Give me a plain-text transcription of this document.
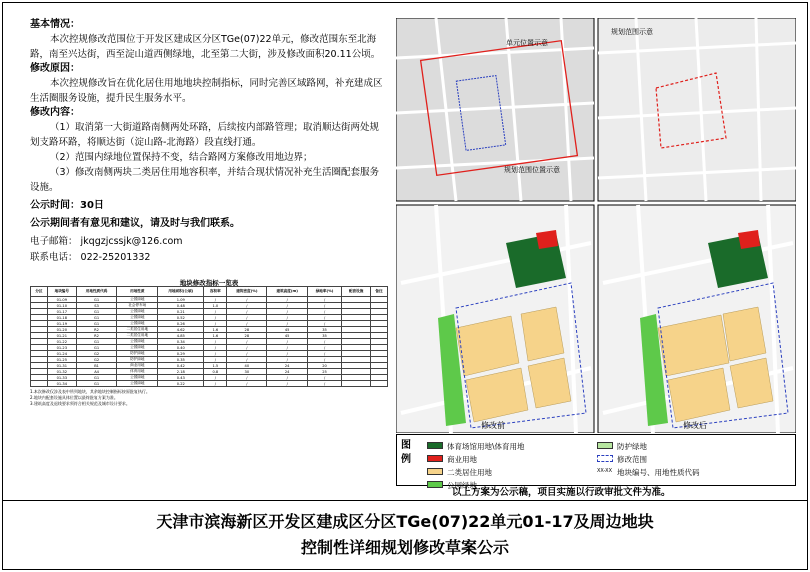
基本情况：
本次控规修改范围位于开发区建成区分区TGe(07)22单元，修改范围东至北海路，南至兴达街，西至淀山道西侧绿地，北至第二大街，涉及修改面积20.11公顷。
修改原因：
本次控规修改旨在优化居住用地地块控制指标，同时完善区域路网，补充建成区生活圈服务设施，提升民生服务水平。
修改内容：
（1）取消第一大街道路南侧两处环路，后续按内部路管理；取消顺达街两处规划支路环路，将顺达街（淀山路-北海路）段直线打通。
（2）范围内绿地位置保持不变，结合路网方案修改用地边界；
（3）修改南侧两块二类居住用地容积率，并结合现状情况补充生活圈配套服务设施。
公示时间：30日
公示期间者有意见和建议，请及时与我们联系。
电子邮箱： jkqgzjcssjk@126.com
联系电话： 022-25201332
地块修改指标一览表
分区	地块编号	用地性质代码	用地性质	用地面积(公顷)	容积率	建筑密度(%)	建筑高度(m)	绿地率(%)	配套设施	备注
	01-09	G1	公园绿地	1.09	/	/	/	/		
	01-10	S3	社会停车场	0.48	1.0	/	/	/		
	01-17	G1	公园绿地	0.21	/	/	/	/		
	01-18	G1	公园绿地	0.52	/	/	/	/		
	01-19	G1	公园绿地	0.26	/	/	/	/		
	01-20	R2	二类居住用地	4.62	1.6	28	45	35		
	01-21	R2	二类居住用地	4.85	1.6	28	45	35		
	01-22	G1	公园绿地	0.34	/	/	/	/		
	01-23	G1	公园绿地	0.40	/	/	/	/		
	01-24	G2	防护绿地	0.29	/	/	/	/		
	01-25	G2	防护绿地	0.35	/	/	/	/		
	01-31	B1	商业用地	0.42	1.5	40	24	20		
	01-32	A4	体育用地	2.18	0.8	30	24	25		
	01-33	G1	公园绿地	0.43	/	/	/	/		
	01-34	G1	公园绿地	0.22	/	/	/	/		
1.本次修改仅涉及表中所列地块，其余地块控制指标按原批复执行。
2.地块内配套设施具体位置以最终批复方案为准。
3.建筑高度及退线要求须符合相关规范及城市设计要求。
单元位置示意
规划范围位置示意
规划范围示意
修改前	修改后
图例
体育场馆用地\体育用地
商业用地
二类居住用地
公园绿地
防护绿地
修改范围
XX-XX 地块编号、用地性质代码
以上方案为公示稿，项目实施以行政审批文件为准。
天津市滨海新区开发区建成区分区TGe(07)22单元01-17及周边地块
控制性详细规划修改草案公示
